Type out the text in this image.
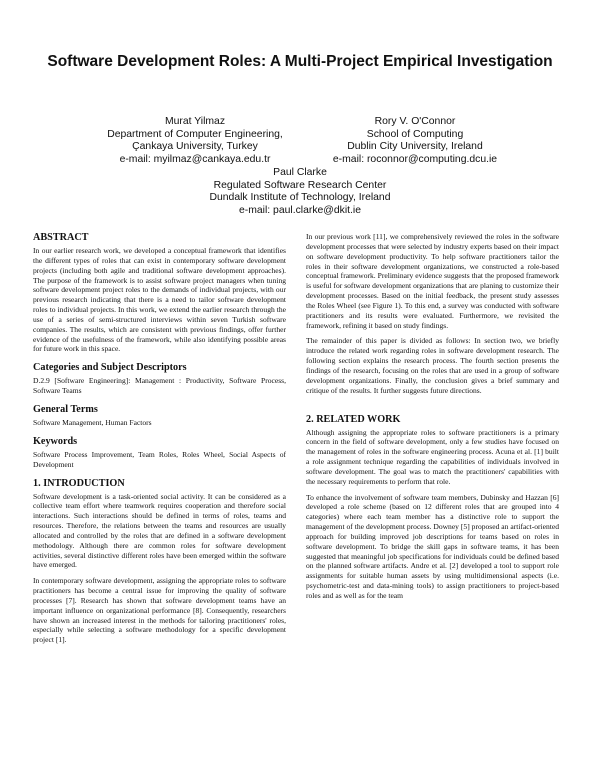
Software Development Roles: A Multi-Project Empirical Investigation
Murat Yilmaz
Department of Computer Engineering,
Çankaya University, Turkey
e-mail: myilmaz@cankaya.edu.tr
Rory V. O'Connor
School of Computing
Dublin City University, Ireland
e-mail: roconnor@computing.dcu.ie
Paul Clarke
Regulated Software Research Center
Dundalk Institute of Technology, Ireland
e-mail: paul.clarke@dkit.ie
ABSTRACT

In our earlier research work, we developed a conceptual framework that identifies the different types of roles that can exist in contemporary software development projects (including both agile and traditional software development approaches). The purpose of the framework is to assist software project managers when tuning software development project roles to the demands of individual projects, with our previous research indicating that there is a need to tailor software development roles to individual projects. In this work, we extend the earlier research through the use of a series of semi-structured interviews within seven Turkish software companies. The results, which are consistent with previous findings, offer further evidence of the usefulness of the framework, while also identifying possible areas for future work in this space.

Categories and Subject Descriptors

D.2.9 [Software Engineering]: Management : Productivity, Software Process, Software Teams

General Terms

Software Management, Human Factors

Keywords

Software Process Improvement, Team Roles, Roles Wheel, Social Aspects of Development

1. INTRODUCTION

Software development is a task-oriented social activity. It can be considered as a collective team effort where teamwork requires cooperation and therefore social interactions. Such interactions should be defined in terms of roles, teams and resources. Therefore, the relations between the teams and resources are usually allocated and controlled by the roles that are defined in a software development methodology. Although there are common roles for software development activities, several distinctive different roles have been emerged within the software have emerged.

In contemporary software development, assigning the appropriate roles to software practitioners has become a central issue for improving the quality of software processes [7]. Research has shown that software development teams have an important influence on organizational performance [8]. Consequently, researchers have shown an increased interest in the methods for tailoring practitioners' roles, especially while selecting a software methodology for a specific development project [1].

In our previous work [11], we comprehensively reviewed the roles in the software development processes that were selected by industry experts based on their impact on software development productivity. To help software practitioners tailor the roles in their software development organizations, we constructed a role-based conceptual framework. Preliminary evidence suggests that the proposed framework is useful for software development organizations that are planing to customize their development processes. Based on the initial feedback, the present study assesses the Roles Wheel (see Figure 1). To this end, a survey was conducted with software practitioners and its results were evaluated. Furthermore, we revisited the framework, refining it based on study findings.

The remainder of this paper is divided as follows: In section two, we briefly introduce the related work regarding roles in software development research. The following section explains the research process. The fourth section presents the findings of the research, focusing on the roles that are used in a group of software development organizations. Finally, the conclusion gives a brief summary and critique of the results. It further suggests future directions.

2. RELATED WORK

Although assigning the appropriate roles to software practitioners is a primary concern in the field of software development, only a few studies have focused on the management of roles in the software engineering process. Acuna et al. [1] built a role assignment technique regarding the capabilities of individuals involved in software development. The goal was to match the practitioners' capabilities with the necessary requirements to perform that role.

To enhance the involvement of software team members, Dubinsky and Hazzan [6] developed a role scheme (based on 12 different roles that are grouped into 4 categories) where each team member has a distinctive role to support the management of the development process. Downey [5] proposed an artifact-oriented approach for building improved job descriptions for teams based on roles in software development. To bridge the skill gaps in software teams, it has been suggested that meaningful job specifications for individuals could be defined based on the planned software artifacts. Andre et al. [2] developed a tool to support role assignments for suitable human assets by using multidimensional aspects (i.e. psychometric-test and data-mining tools) to assign practitioners to project-based roles and as well as for the team
